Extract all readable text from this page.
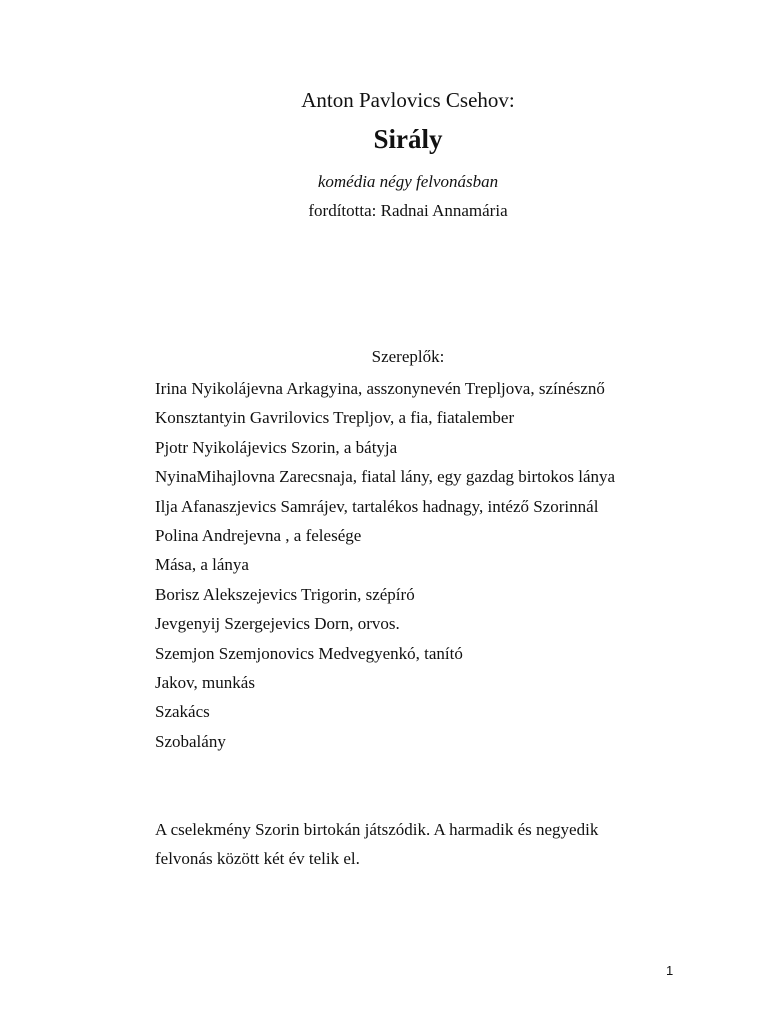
Anton Pavlovics Csehov:
Sirály
komédia négy felvonásban
fordította: Radnai Annamária
Szereplők:
Irina Nyikolájevna Arkagyina, asszonynevén Trepljova, színésznő
Konsztantyin Gavrilovics Trepljov, a fia, fiatalember
Pjotr Nyikolájevics Szorin, a bátyja
NyinaMihajlovna Zarecsnaja, fiatal lány, egy gazdag birtokos lánya
Ilja Afanaszjevics Samrájev, tartalékos hadnagy, intéző Szorinnál
Polina Andrejevna , a felesége
Mása, a lánya
Borisz Alekszejevics Trigorin, szépíró
Jevgenyij Szergejevics Dorn, orvos.
Szemjon Szemjonovics Medvegyenkó, tanító
Jakov, munkás
Szakács
Szobalány
A cselekmény Szorin birtokán játszódik. A harmadik és negyedik
felvonás között két év telik el.
1
